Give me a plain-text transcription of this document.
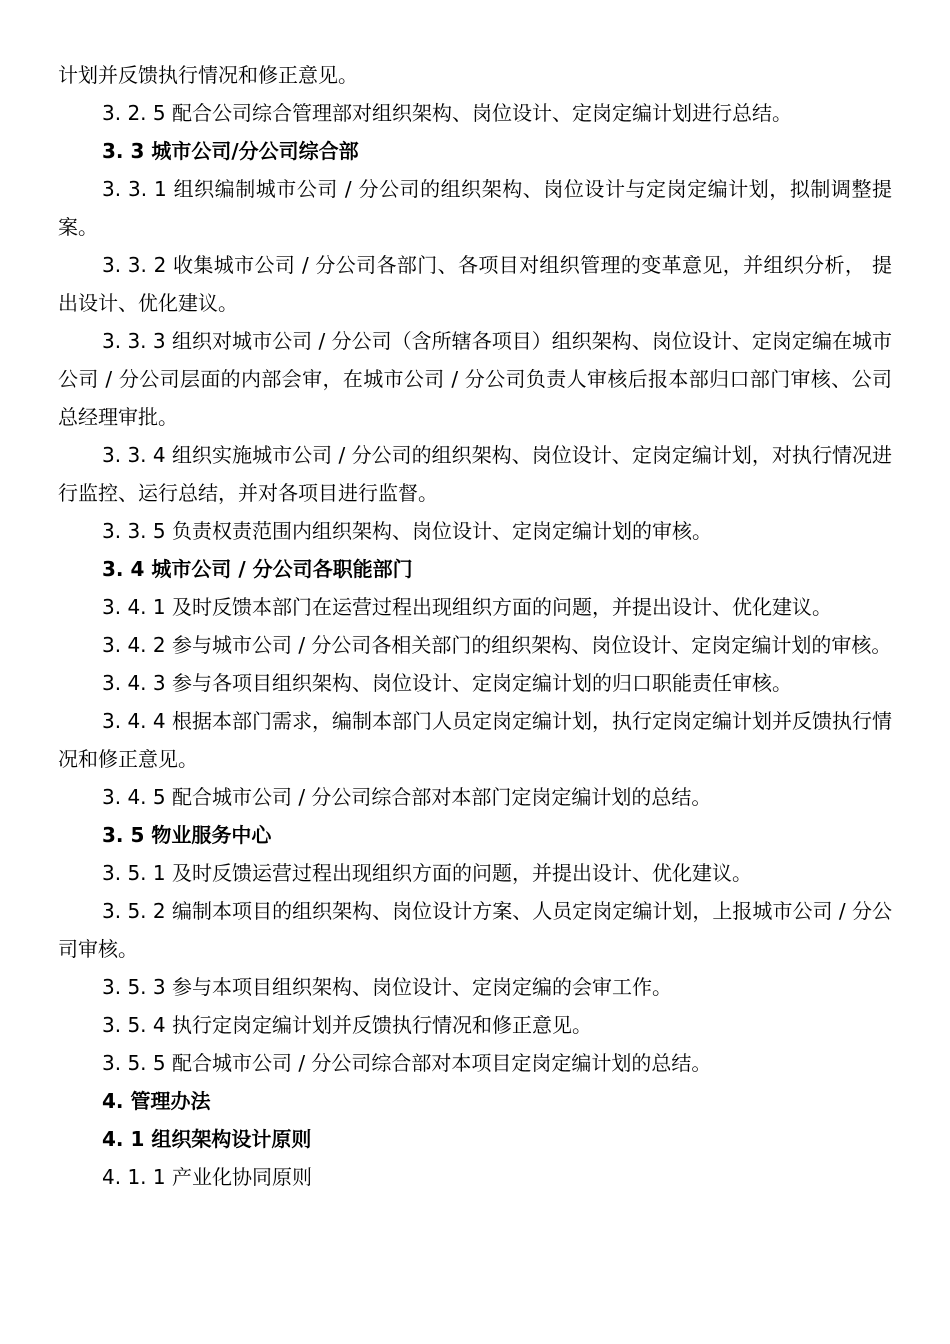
计划并反馈执行情况和修正意见。

3. 2. 5 配合公司综合管理部对组织架构、岗位设计、定岗定编计划进行总结。

3. 3 城市公司/分公司综合部

3. 3. 1 组织编制城市公司 / 分公司的组织架构、岗位设计与定岗定编计划，拟制调整提案。

3. 3. 2 收集城市公司 / 分公司各部门、各项目对组织管理的变革意见，并组织分析， 提出设计、优化建议。

3. 3. 3 组织对城市公司 / 分公司（含所辖各项目）组织架构、岗位设计、定岗定编在城市公司 / 分公司层面的内部会审，在城市公司 / 分公司负责人审核后报本部归口部门审核、公司总经理审批。

3. 3. 4 组织实施城市公司 / 分公司的组织架构、岗位设计、定岗定编计划，对执行情况进行监控、运行总结，并对各项目进行监督。

3. 3. 5 负责权责范围内组织架构、岗位设计、定岗定编计划的审核。

3. 4 城市公司 / 分公司各职能部门

3. 4. 1 及时反馈本部门在运营过程出现组织方面的问题，并提出设计、优化建议。

3. 4. 2 参与城市公司 / 分公司各相关部门的组织架构、岗位设计、定岗定编计划的审核。

3. 4. 3 参与各项目组织架构、岗位设计、定岗定编计划的归口职能责任审核。

3. 4. 4 根据本部门需求，编制本部门人员定岗定编计划，执行定岗定编计划并反馈执行情况和修正意见。

3. 4. 5 配合城市公司 / 分公司综合部对本部门定岗定编计划的总结。

3. 5 物业服务中心

3. 5. 1 及时反馈运营过程出现组织方面的问题，并提出设计、优化建议。

3. 5. 2 编制本项目的组织架构、岗位设计方案、人员定岗定编计划，上报城市公司 / 分公司审核。

3. 5. 3 参与本项目组织架构、岗位设计、定岗定编的会审工作。

3. 5. 4 执行定岗定编计划并反馈执行情况和修正意见。

3. 5. 5 配合城市公司 / 分公司综合部对本项目定岗定编计划的总结。

4. 管理办法

4. 1 组织架构设计原则

4. 1. 1 产业化协同原则
